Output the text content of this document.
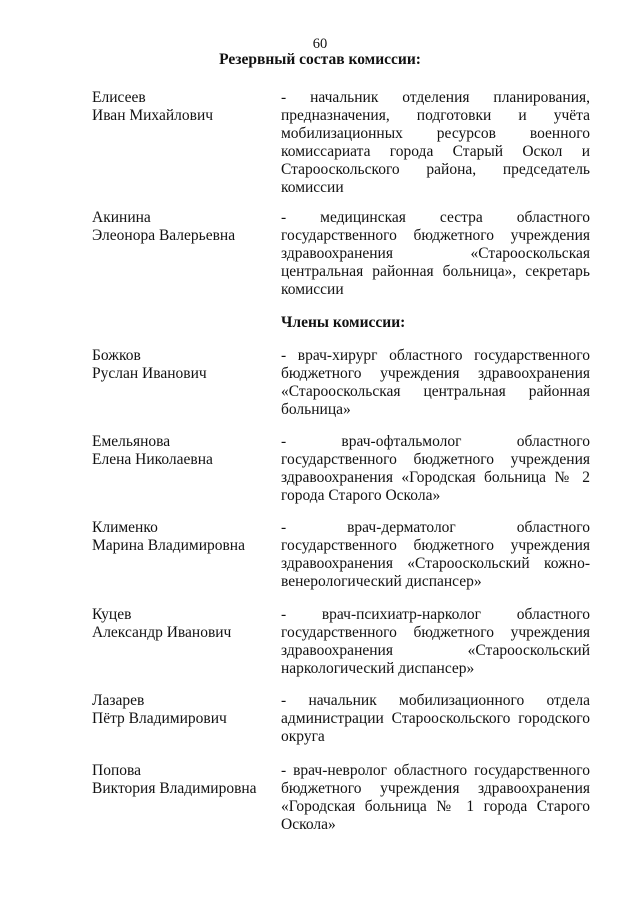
60
Резервный состав комиссии:
Елисеев
Иван Михайлович
- начальник отделения планирования, предназначения, подготовки и учёта мобилизационных ресурсов военного комиссариата города Старый Оскол и Старооскольского района, председатель комиссии
Акинина
Элеонора Валерьевна
- медицинская сестра областного государственного бюджетного учреждения здравоохранения «Старооскольская центральная районная больница», секретарь комиссии
Члены комиссии:
Божков
Руслан Иванович
- врач-хирург областного государственного бюджетного учреждения здравоохранения «Старооскольская центральная районная больница»
Емельянова
Елена Николаевна
- врач-офтальмолог областного государственного бюджетного учреждения здравоохранения «Городская больница № 2 города Старого Оскола»
Клименко
Марина Владимировна
- врач-дерматолог областного государственного бюджетного учреждения здравоохранения «Старооскольский кожно-венерологический диспансер»
Куцев
Александр Иванович
- врач-психиатр-нарколог областного государственного бюджетного учреждения здравоохранения «Старооскольский наркологический диспансер»
Лазарев
Пётр Владимирович
- начальник мобилизационного отдела администрации Старооскольского городского округа
Попова
Виктория Владимировна
- врач-невролог областного государственного бюджетного учреждения здравоохранения «Городская больница № 1 города Старого Оскола»
